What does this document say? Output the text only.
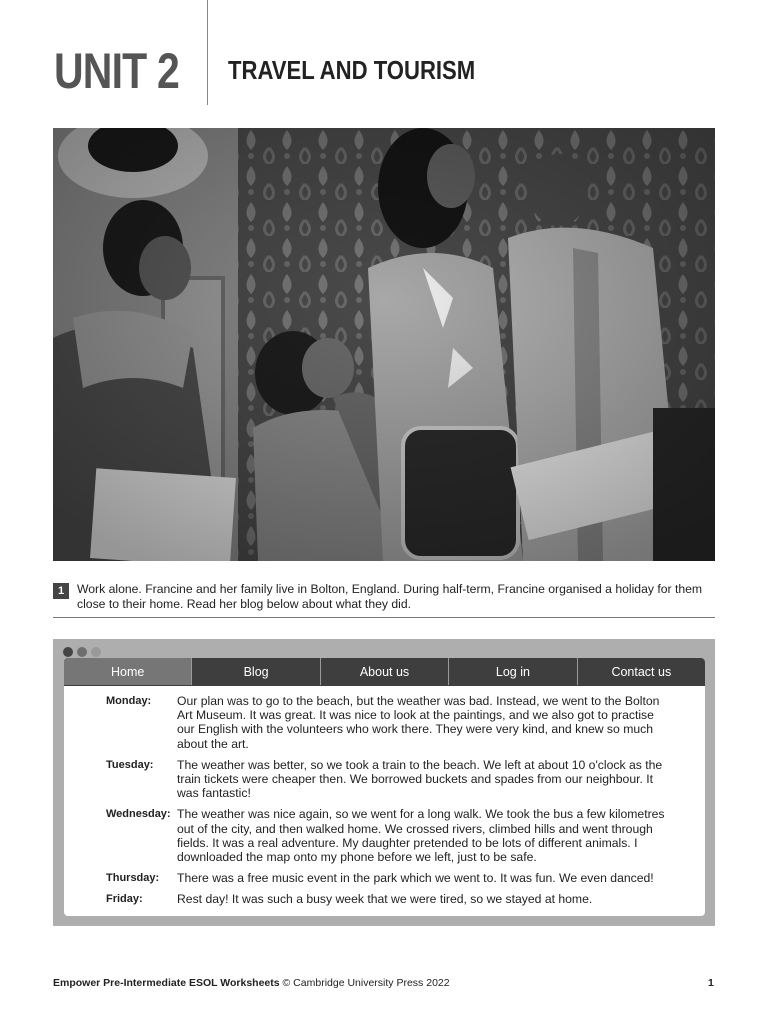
UNIT 2 TRAVEL AND TOURISM
1	Work alone. Francine and her family live in Bolton, England. During half-term, Francine organised a holiday for them close to their home. Read her blog below about what they did.
Home	Blog	About us	Log in	Contact us
Monday:	Our plan was to go to the beach, but the weather was bad. Instead, we went to the Bolton Art Museum. It was great. It was nice to look at the paintings, and we also got to practise our English with the volunteers who work there. They were very kind, and knew so much about the art.
Tuesday:	The weather was better, so we took a train to the beach. We left at about 10 o'clock as the train tickets were cheaper then. We borrowed buckets and spades from our neighbour. It was fantastic!
Wednesday: The weather was nice again, so we went for a long walk. We took the bus a few kilometres out of the city, and then walked home. We crossed rivers, climbed hills and went through fields. It was a real adventure. My daughter pretended to be lots of different animals. I downloaded the map onto my phone before we left, just to be safe.
Thursday:	There was a free music event in the park which we went to. It was fun. We even danced!
Friday:	Rest day! It was such a busy week that we were tired, so we stayed at home.
Empower Pre-Intermediate ESOL Worksheets © Cambridge University Press 2022	1
